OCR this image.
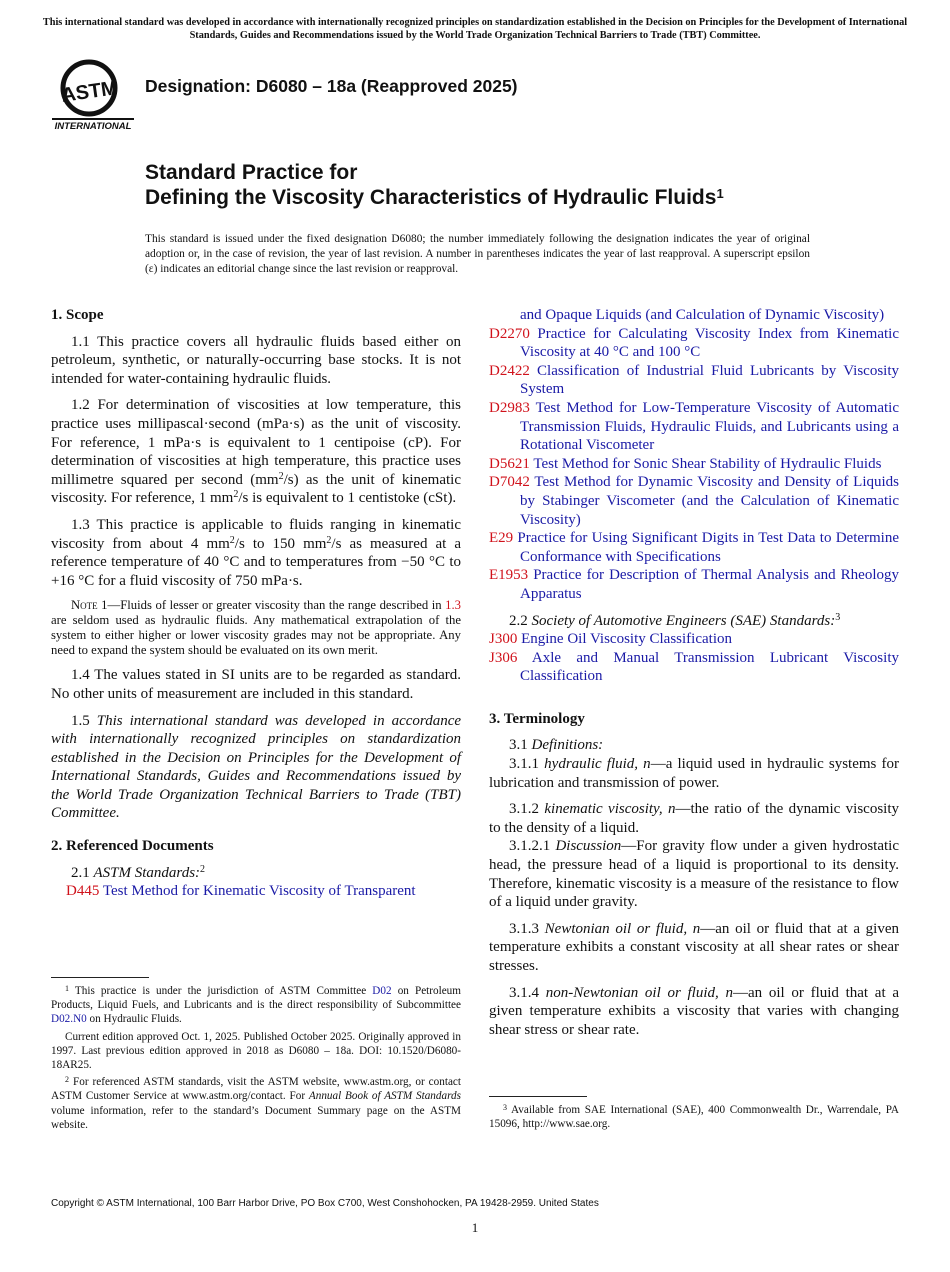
This international standard was developed in accordance with internationally recognized principles on standardization established in the Decision on Principles for the Development of International Standards, Guides and Recommendations issued by the World Trade Organization Technical Barriers to Trade (TBT) Committee.
ASTM
INTERNATIONAL
Designation: D6080 – 18a (Reapproved 2025)
Standard Practice for
Defining the Viscosity Characteristics of Hydraulic Fluids$^1$
This standard is issued under the fixed designation D6080; the number immediately following the designation indicates the year of original adoption or, in the case of revision, the year of last revision. A number in parentheses indicates the year of last reapproval. A superscript epsilon (ε) indicates an editorial change since the last revision or reapproval.
1. Scope

1.1 This practice covers all hydraulic fluids based either on petroleum, synthetic, or naturally-occurring base stocks. It is not intended for water-containing hydraulic fluids.

1.2 For determination of viscosities at low temperature, this practice uses millipascal·second (mPa·s) as the unit of viscosity. For reference, 1 mPa·s is equivalent to 1 centipoise (cP). For determination of viscosities at high temperature, this practice uses millimetre squared per second $(mm^2/s)$ as the unit of kinematic viscosity. For reference, 1 $mm^2/s$ is equivalent to 1 centistoke (cSt).

1.3 This practice is applicable to fluids ranging in kinematic viscosity from about 4 $mm^2/s$ to 150 $mm^2/s$ as measured at a reference temperature of 40 °C and to temperatures from −50 °C to +16 °C for a fluid viscosity of 750 mPa·s.

Note 1—Fluids of lesser or greater viscosity than the range described in 1.3 are seldom used as hydraulic fluids. Any mathematical extrapolation of the system to either higher or lower viscosity grades may not be appropriate. Any need to expand the system should be evaluated on its own merit.

1.4 The values stated in SI units are to be regarded as standard. No other units of measurement are included in this standard.

1.5 This international standard was developed in accordance with internationally recognized principles on standardization established in the Decision on Principles for the Development of International Standards, Guides and Recommendations issued by the World Trade Organization Technical Barriers to Trade (TBT) Committee.

2. Referenced Documents

2.1 ASTM Standards:$^2$

D445 Test Method for Kinematic Viscosity of Transparent

and Opaque Liquids (and Calculation of Dynamic Viscosity)

D2270 Practice for Calculating Viscosity Index from Kinematic Viscosity at 40 °C and 100 °C

D2422 Classification of Industrial Fluid Lubricants by Viscosity System

D2983 Test Method for Low-Temperature Viscosity of Automatic Transmission Fluids, Hydraulic Fluids, and Lubricants using a Rotational Viscometer

D5621 Test Method for Sonic Shear Stability of Hydraulic Fluids

D7042 Test Method for Dynamic Viscosity and Density of Liquids by Stabinger Viscometer (and the Calculation of Kinematic Viscosity)

E29 Practice for Using Significant Digits in Test Data to Determine Conformance with Specifications

E1953 Practice for Description of Thermal Analysis and Rheology Apparatus

2.2 Society of Automotive Engineers (SAE) Standards:$^3$

J300 Engine Oil Viscosity Classification

J306 Axle and Manual Transmission Lubricant Viscosity Classification

3. Terminology

3.1 Definitions:

3.1.1 hydraulic fluid, n—a liquid used in hydraulic systems for lubrication and transmission of power.

3.1.2 kinematic viscosity, n—the ratio of the dynamic viscosity to the density of a liquid.

3.1.2.1 Discussion—For gravity flow under a given hydrostatic head, the pressure head of a liquid is proportional to its density. Therefore, kinematic viscosity is a measure of the resistance to flow of a liquid under gravity.

3.1.3 Newtonian oil or fluid, n—an oil or fluid that at a given temperature exhibits a constant viscosity at all shear rates or shear stresses.

3.1.4 non-Newtonian oil or fluid, n—an oil or fluid that at a given temperature exhibits a viscosity that varies with changing shear stress or shear rate.

$^1$ This practice is under the jurisdiction of ASTM Committee D02 on Petroleum Products, Liquid Fuels, and Lubricants and is the direct responsibility of Subcommittee D02.N0 on Hydraulic Fluids.

Current edition approved Oct. 1, 2025. Published October 2025. Originally approved in 1997. Last previous edition approved in 2018 as D6080 – 18a. DOI: 10.1520/D6080-18AR25.

$^2$ For referenced ASTM standards, visit the ASTM website, www.astm.org, or contact ASTM Customer Service at www.astm.org/contact. For Annual Book of ASTM Standards volume information, refer to the standard’s Document Summary page on the ASTM website.

$^3$ Available from SAE International (SAE), 400 Commonwealth Dr., Warrendale, PA 15096, http://www.sae.org.

Copyright © ASTM International, 100 Barr Harbor Drive, PO Box C700, West Conshohocken, PA 19428-2959. United States
1
